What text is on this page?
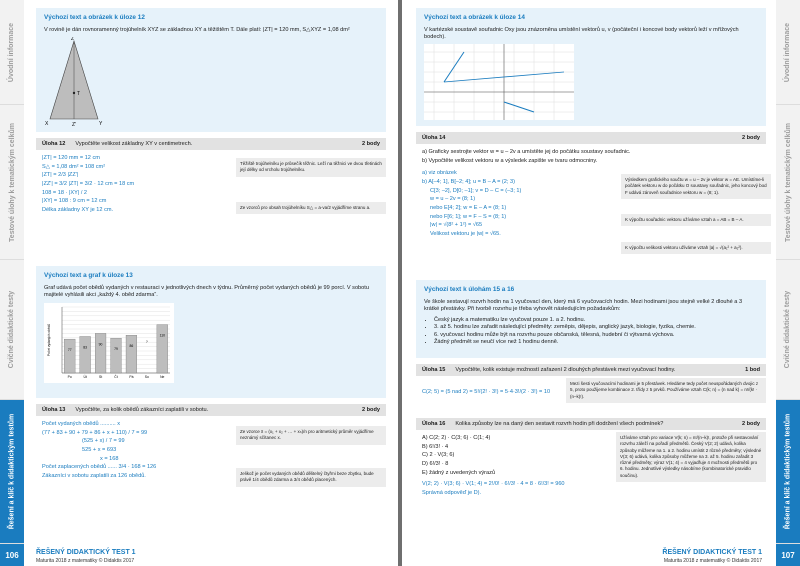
Úvodní informace
Testové úlohy k tematickým celkům
Cvičné didaktické testy
Řešení a klíč k didaktickým testům
106
Výchozí text a obrázek k úloze 12

V rovině je dán rovnoramenný trojúhelník XYZ se základnou XY a těžištěm T. Dále platí: |ZT| = 120 mm, S△XYZ = 1,08 dm²

Z
T
X	Y
Z'
Úloha 12 Vypočtěte velikost základny XY v centimetrech.	2 body
|ZT| = 120 mm = 12 cm
S△ = 1,08 dm² = 108 cm²
|ZT| = 2/3 |ZZ'|
|ZZ'| = 3/2 |ZT| = 3/2 · 12 cm = 18 cm
108 = 18 · |XY| / 2
|XY| = 108 : 9 cm = 12 cm
Délka základny XY je 12 cm.
Těžiště trojúhelníku je průsečík těžnic. Leží na těžnici ve dvou třetinách její délky od vrcholu trojúhelníku.
Ze vzorců pro obsah trojúhelníku S△ = a·va/2 vyjádříme stranu a.
Výchozí text a graf k úloze 13

Graf udává počet obědů vydaných v restauraci v jednotlivých dnech v týdnu. Průměrný počet vydaných obědů je 99 porcí. V sobotu majitelé vyhlásili akci „každý 4. oběd zdarma“.

Počet vydaných obědů	77
Po
83
Út
90
St
79
Čt
86
Pá
?
So
110
Ne
Úloha 13 Vypočtěte, za kolik obědů zákazníci zaplatili v sobotu.	2 body
Počet vydaných obědů .......... x
(77 + 83 + 90 + 79 + 86 + x + 110) / 7 = 99
(525 + x) / 7 = 99
525 + x = 693
x = 168
Počet zaplacených obědů ...... 3/4 · 168 = 126
Zákazníci v sobotu zaplatili za 126 obědů.
Ze vzorce x̄ = (x₁ + x₂ + … + xₙ)/n pro aritmetický průměr vyjádříme neznámý sčítanec x.
Jelikož je počet vydaných obědů dělitelný čtyřmi beze zbytku, bude právě 1/4 obědů zdarma a 3/4 obědů placených.
ŘEŠENÝ DIDAKTICKÝ TEST 1
Maturita 2018 z matematiky © Didaktis 2017
Úvodní informace
Testové úlohy k tematickým celkům
Cvičné didaktické testy
Řešení a klíč k didaktickým testům
107
Výchozí text a obrázek k úloze 14

V kartézské soustavě souřadnic Oxy jsou znázorněna umístění vektorů u, v (počáteční i koncové body vektorů leží v mřížových bodech).

Úloha 14	2 body
a) Graficky sestrojte vektor w = u – 2v a umístěte jej do počátku soustavy souřadnic.
b) Vypočtěte velikost vektoru w a výsledek zapište ve tvaru odmocniny.
a) viz obrázek
b) A[–4; 1], B[–2; 4]; u = B – A = (2; 3)
C[3; –2], D[0; –1]; v = D – C = (–3; 1)
w = u – 2v = (8; 1)
nebo E[4; 2]; w = E – A = (8; 1)
nebo F[6; 1]; w = F – S = (8; 1)
|w| = √(8² + 1²) = √65
Velikost vektoru je |w| = √65.
Výsledkem grafického součtu w = u – 2v je vektor w = AE. Umístíme-li počátek vektoru w do počátku O soustavy souřadnic, jeho koncový bod F udává zároveň souřadnice vektoru w = (8; 1).
K výpočtu souřadnic vektoru užíváme vztah a = AB = B – A.
K výpočtu velikosti vektoru užíváme vztah |a| = √(a₁² + a₂²).
Výchozí text k úlohám 15 a 16

Ve škole sestavují rozvrh hodin na 1 vyučovací den, který má 6 vyučovacích hodin. Mezi hodinami jsou stejně velké 2 dlouhé a 3 krátké přestávky. Při tvorbě rozvrhu je třeba vyhovět následujícím požadavkům:

• Český jazyk a matematiku lze vyučovat pouze 1. a 2. hodinu.
• 3. až 5. hodinu lze zařadit následující předměty: zeměpis, dějepis, anglický jazyk, biologie, fyzika, chemie.
• 6. vyučovací hodinu může být na rozvrhu pouze občanská, tělesná, hudební či výtvarná výchova.
• Žádný předmět se neučí více než 1 hodinu denně.
Úloha 15 Vypočtěte, kolik existuje možností zařazení 2 dlouhých přestávek mezi vyučovací hodiny.	1 bod
C(2; 5) = (5 nad 2) = 5!/(2! · 3!) = 5·4·3!/(2 · 3!) = 10
Mezi šesti vyučovacími hodinami je 5 přestávek. Hledáme tedy počet neuspořádaných dvojic z 5, proto použijeme kombinace 2. třídy z 5 prvků. Používáme vztah C(k; n) = (n nad k) = n!/(k! · (n–k)!).
Úloha 16 Kolika způsoby lze na daný den sestavit rozvrh hodin při dodržení všech podmínek?	2 body
A) C(2; 2) · C(3; 6) · C(1; 4)
B) 6!/3! · 4
C) 2 · V(3; 6)
D) 6!/3! · 8
E) žádný z uvedených výrazů
V(2; 2) · V(3; 6) · V(1; 4) = 2!/0! · 6!/3! · 4 = 8 · 6!/3! = 960
Správná odpověď je D).
Užíváme vztah pro variace V(k; n) = n!/(n–k)!, protože při sestavování rozvrhu záleží na pořadí předmětů. Český V(2; 2) udává, kolika způsoby můžeme na 1. a 2. hodinu umístit 2 různé předměty; výsledné V(3; 6) udává, kolika způsoby můžeme na 3. až 5. hodinu zařadit 3 různé předměty; výraz V(1; 4) = 4 vyjadřuje 4 možnosti předmětů pro 6. hodinu. Jednotlivé výsledky násobíme (kombinatorické pravidlo součinu).
ŘEŠENÝ DIDAKTICKÝ TEST 1
Maturita 2018 z matematiky © Didaktis 2017
